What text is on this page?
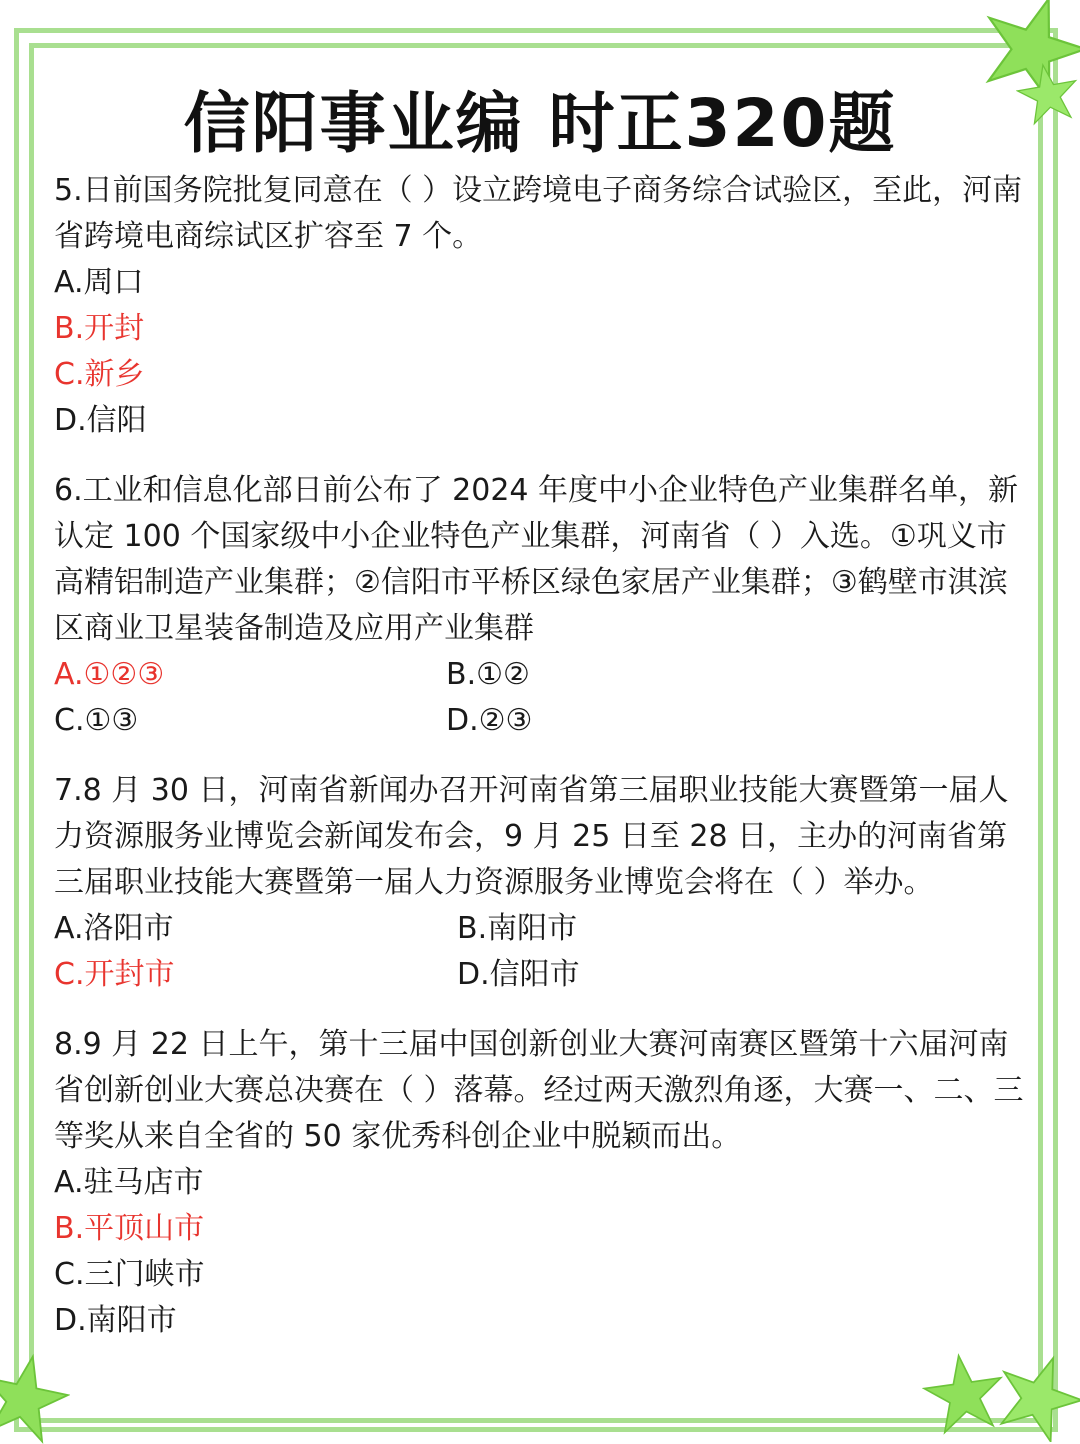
信阳事业编 时正320题

5.日前国务院批复同意在（ ）设立跨境电子商务综合试验区，至此，河南省跨境电商综试区扩容至 7 个。

A.周口

B.开封

C.新乡

D.信阳

6.工业和信息化部日前公布了 2024 年度中小企业特色产业集群名单，新认定 100 个国家级中小企业特色产业集群，河南省（ ）入选。①巩义市高精铝制造产业集群；②信阳市平桥区绿色家居产业集群；③鹤壁市淇滨区商业卫星装备制造及应用产业集群

A.①②③	B.①②

C.①③	D.②③

7.8 月 30 日，河南省新闻办召开河南省第三届职业技能大赛暨第一届人力资源服务业博览会新闻发布会，9 月 25 日至 28 日，主办的河南省第三届职业技能大赛暨第一届人力资源服务业博览会将在（ ）举办。

A.洛阳市	B.南阳市

C.开封市	D.信阳市

8.9 月 22 日上午，第十三届中国创新创业大赛河南赛区暨第十六届河南省创新创业大赛总决赛在（ ）落幕。经过两天激烈角逐，大赛一、二、三等奖从来自全省的 50 家优秀科创企业中脱颖而出。

A.驻马店市

B.平顶山市

C.三门峡市

D.南阳市
